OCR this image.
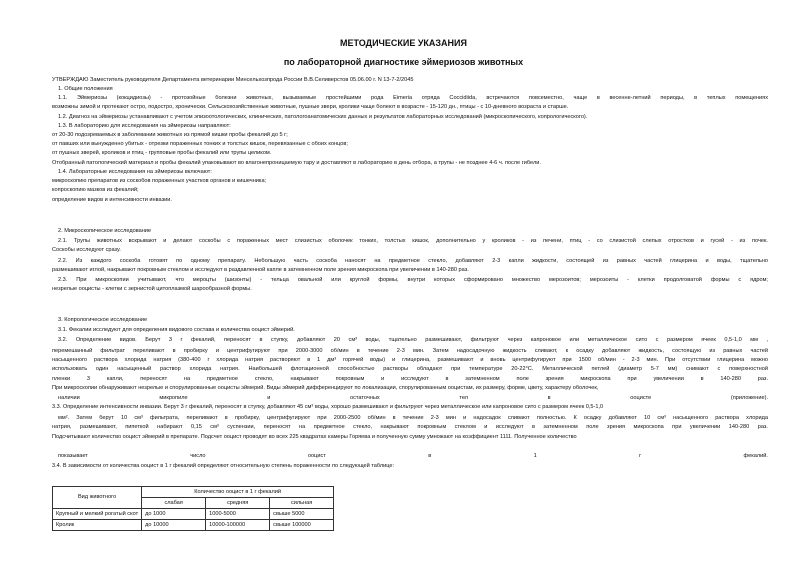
МЕТОДИЧЕСКИЕ УКАЗАНИЯ
по лабораторной диагностике эймериозов животных
УТВЕРЖДАЮ Заместитель руководителя Департамента ветеринарии Минсельхозпрода России В.В.Селиверстов 05.06.00 г. N 13-7-2/2045
1. Общие положения
1.1. Эймериозы (кокцидиозы) - протозойные болезни животных, вызываемые простейшими рода Eimeria отряда Coccidiida, встречаются повсеместно, чаще в весенне-летний периоды, в теплых помещениях
возможны зимой и протекают остро, подостро, хронически. Сельскохозяйственные животные, пушные звери, кролики чаще болеют в возрасте - 15-120 дн., птицы - с 10-дневного возраста и старше.
1.2. Диагноз на эймериозы устанавливают с учетом эпизоотологических, клинических, патологоанатомических данных и результатов лабораторных исследований (микроскопического, копрологического).
1.3. В лабораторию для исследования на эймериозы направляют:
от 20-30 подозреваемых в заболевании животных из прямой кишки пробы фекалий до 5 г;
от павших или вынужденно убитых - отрезки пораженных тонких и толстых кишок, перевязанные с обоих концов;
от пушных зверей, кроликов и птиц - групповые пробы фекалий или трупы целиком.
Отобранный патологический материал и пробы фекалий упаковывают во влагонепроницаемую тару и доставляют в лабораторию в день отбора, а трупы - не позднее 4-6 ч. после гибели.
1.4. Лабораторные исследования на эймериозы включают:
микроскопию препаратов из соскобов пораженных участков органов и кишечника;
копроскопию мазков из фекалий;
определение видов и интенсивности инвазии.
2. Микроскопическое исследование
2.1. Трупы животных вскрывают и делают соскобы с пораженных мест слизистых оболочек тонких, толстых кишок, дополнительно у кроликов - из печени, птиц - со слизистой слепых отростков и гусей - из почек.
Соскобы исследуют сразу.
2.2. Из каждого соскоба готовят по одному препарату. Небольшую часть соскоба наносят на предметное стекло, добавляют 2-3 капли жидкости, состоящей из равных частей глицерина и воды, тщательно
размешивают иглой, накрывают покровным стеклом и исследуют в раздавленной капле в затемненном поле зрения микроскопа при увеличении в 140-280 раз.
2.3. При микроскопии учитывают, что мероцты (шизонты) - тельца овальной или круглой формы, внутри которых сформировано множество мерозоитов; мерозоиты - клетки продолговатой формы с ядром;
незрелые ооцисты - клетки с зернистой цитоплазмой шарообразной формы.
3. Копрологическое исследование
3.1. Фекалии исследуют для определения видового состава и количества ооцист эймерий.
3.2. Определение видов. Берут 3 г фекалий, переносят в ступку, добавляют 20 см³ воды, тщательно размешивают, фильтруют через капроновое или металлическое сито с размером ячеек 0,5-1,0 мм ,
перемешанный фильтрат переливают в пробирку и центрифугируют при 2000-3000 об/мин в течение 2-3 мин. Затем надосадочную жидкость сливают, к осадку добавляют жидкость, состоящую из равных частей
насыщенного раствора хлорида натрия (380-400 г хлорида натрия растворяют в 1 дм³ горячей воды) и глицерина, размешивают и вновь центрифугируют при 1500 об/мин - 2-3 мин. При отсутствии глицерина можно
использовать один насыщенный раствор хлорида натрия. Наибольшей флотационной способностью растворы обладают при температуре 20-22°С. Металлической петлей (диаметр 5-7 мм) снимают с поверхностной
пленки 3 капли, переносят на предметное стекло, накрывают покровным и исследуют в затемненном поле зрения микроскопа при увеличении в 140-280 раз.
При микроскопии обнаруживают незрелые и спорулированные ооцисты эймерий. Виды эймерий дифференцируют по локализации, спорулированным ооцистам, их размеру, форме, цвету, характеру оболочек,
наличии микропиле и остаточных тел в ооцисте (приложение).
3.3. Определение интенсивности инвазии. Берут 3 г фекалий, переносят в ступку, добавляют 45 см³ воды, хорошо размешивают и фильтруют через металлическое или капроновое сито с размером ячеек 0,5-1,0
мм². Затем берут 10 см³ фильтрата, переливают в пробирку, центрифугируют при 2000-2500 об/мин в течение 2-3 мин и надосадок сливают полностью. К осадку добавляют 10 см³ насыщенного раствора хлорида
натрия, размешивают, пипеткой набирают 0,15 см³ суспензии, переносят на предметное стекло, накрывают покровным стеклом и исследуют в затемненном поле зрения микроскопа при увеличении 140-280 раз.
Подсчитывают количество ооцист эймерий в препарате. Подсчет ооцист проводят во всех 225 квадратах камеры Горяева и полученную сумму умножают на коэффициент 1111. Полученное количество
показывает число ооцист в 1 г фекалий.
3.4. В зависимости от количества ооцист в 1 г фекалий определяют относительную степень пораженности по следующей таблице:
Вид животного	Количество ооцист в 1 г фекалий		
	слабая	средняя	сильная
Крупный и мелкий рогатый скот	до 1000	1000-5000	свыше 5000
Кролик	до 10000	10000-100000	свыше 100000
